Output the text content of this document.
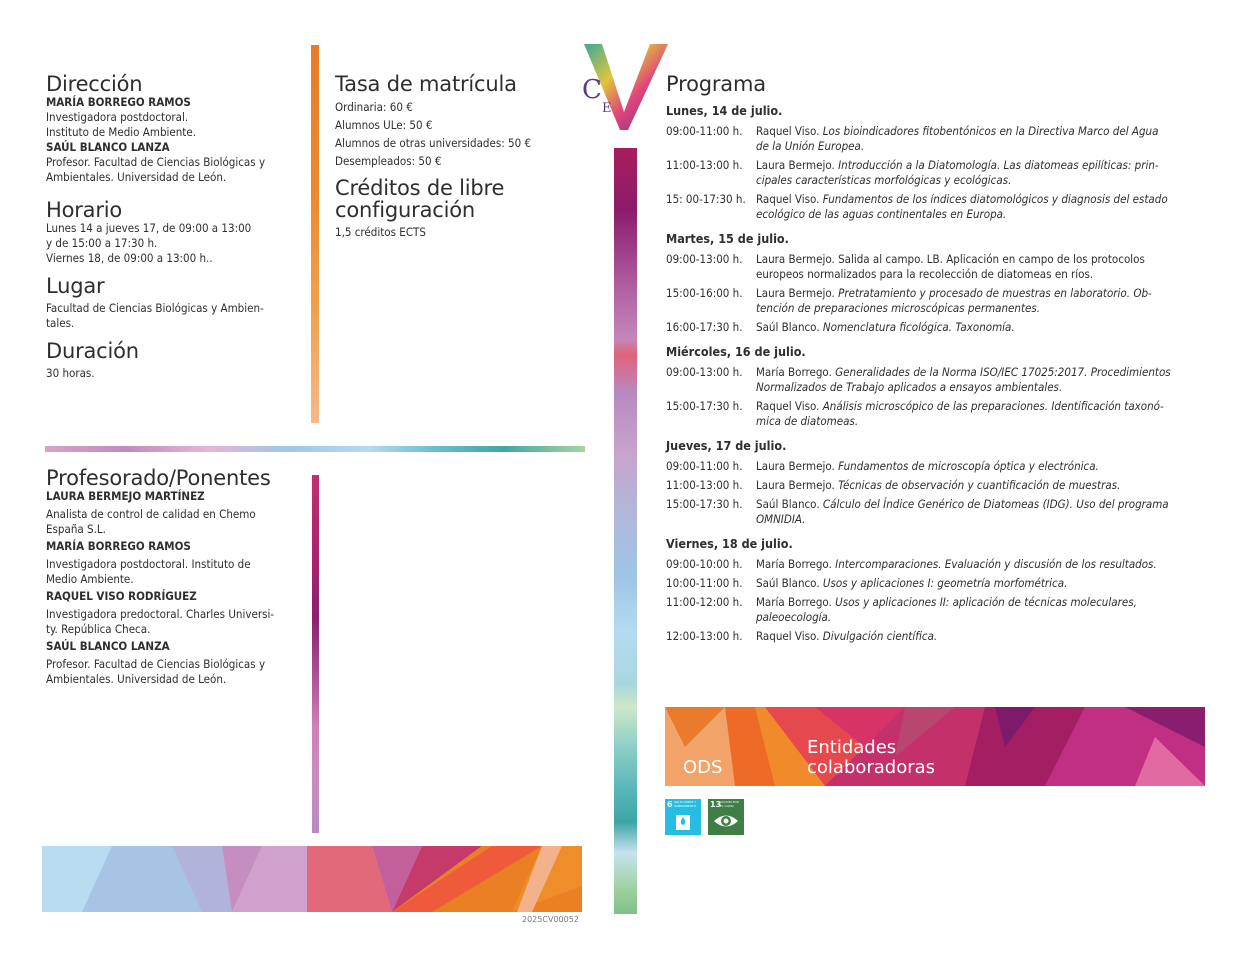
2025CV00052
C
E
Dirección
MARÍA BORREGO RAMOS
Investigadora postdoctoral.
Instituto de Medio Ambiente.
SAÚL BLANCO LANZA
Profesor. Facultad de Ciencias Biológicas y
Ambientales. Universidad de León.
Horario
Lunes 14 a jueves 17, de 09:00 a 13:00
y de 15:00 a 17:30 h.
Viernes 18, de 09:00 a 13:00 h..
Lugar
Facultad de Ciencias Biológicas y Ambien-
tales.
Duración
30 horas.
Tasa de matrícula
Ordinaria: 60 €
Alumnos ULe: 50 €
Alumnos de otras universidades: 50 €
Desempleados: 50 €
Créditos de libre
configuración
1,5 créditos ECTS
Profesorado/Ponentes
LAURA BERMEJO MARTÍNEZ
Analista de control de calidad en Chemo
España S.L.
MARÍA BORREGO RAMOS
Investigadora postdoctoral. Instituto de
Medio Ambiente.
RAQUEL VISO RODRÍGUEZ
Investigadora predoctoral. Charles Universi-
ty. República Checa.
SAÚL BLANCO LANZA
Profesor. Facultad de Ciencias Biológicas y
Ambientales. Universidad de León.
Programa
Lunes, 14 de julio.
09:00-11:00 h.	Raquel Viso. Los bioindicadores fitobentónicos en la Directiva Marco del Agua
de la Unión Europea.
11:00-13:00 h.	Laura Bermejo. Introducción a la Diatomología. Las diatomeas epilíticas: prin-
cipales características morfológicas y ecológicas.
15: 00-17:30 h. Raquel Viso. Fundamentos de los índices diatomológicos y diagnosis del estado
ecológico de las aguas continentales en Europa.
Martes, 15 de julio.
09:00-13:00 h.	Laura Bermejo. Salida al campo. LB. Aplicación en campo de los protocolos
europeos normalizados para la recolección de diatomeas en ríos.
15:00-16:00 h.	Laura Bermejo. Pretratamiento y procesado de muestras en laboratorio. Ob-
tención de preparaciones microscópicas permanentes.
16:00-17:30 h.	Saúl Blanco. Nomenclatura ficológica. Taxonomía.
Miércoles, 16 de julio.
09:00-13:00 h.	María Borrego. Generalidades de la Norma ISO/IEC 17025:2017. Procedimientos
Normalizados de Trabajo aplicados a ensayos ambientales.
15:00-17:30 h.	Raquel Viso. Análisis microscópico de las preparaciones. Identificación taxonó-
mica de diatomeas.
Jueves, 17 de julio.
09:00-11:00 h.	Laura Bermejo. Fundamentos de microscopía óptica y electrónica.
11:00-13:00 h.	Laura Bermejo. Técnicas de observación y cuantificación de muestras.
15:00-17:30 h.	Saúl Blanco. Cálculo del Índice Genérico de Diatomeas (IDG). Uso del programa
OMNIDIA.
Viernes, 18 de julio.
09:00-10:00 h.	María Borrego. Intercomparaciones. Evaluación y discusión de los resultados.
10:00-11:00 h.	Saúl Blanco. Usos y aplicaciones I: geometría morfométrica.
11:00-12:00 h.	María Borrego. Usos y aplicaciones II: aplicación de técnicas moleculares,
paleoecología.
12:00-13:00 h.	Raquel Viso. Divulgación científica.
ODS
Entidades
colaboradoras
6 AGUA LIMPIA Y SANEAMIENTO	13
ACCIÓN POR EL CLIMA
